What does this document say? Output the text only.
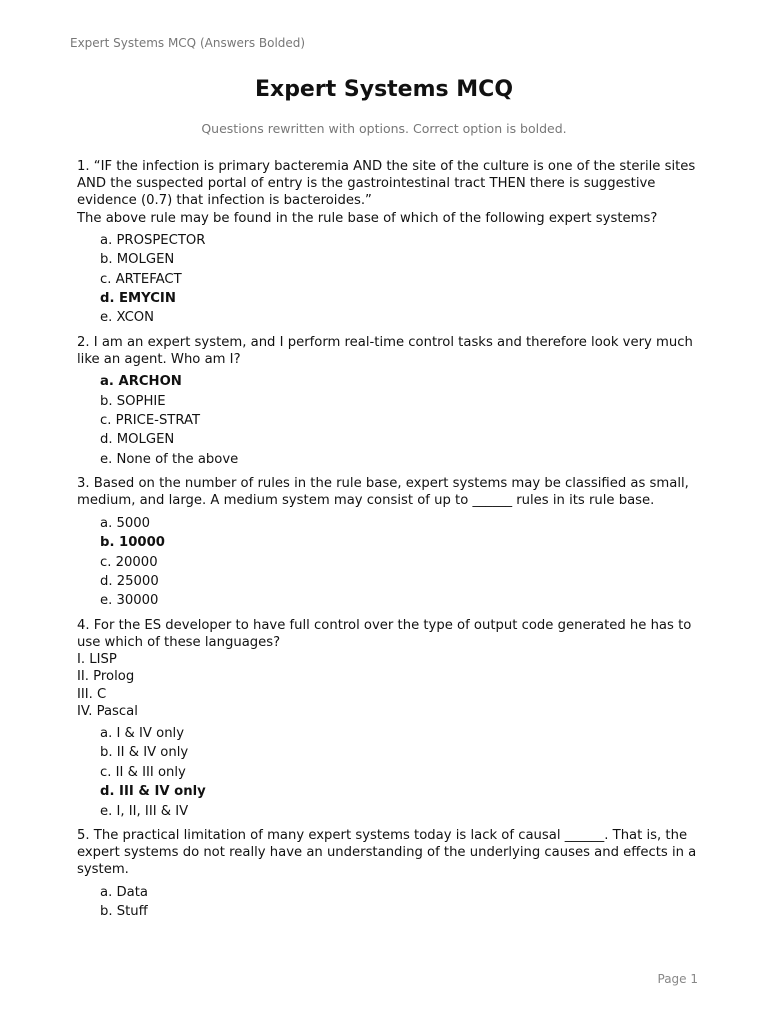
Expert Systems MCQ (Answers Bolded)
Expert Systems MCQ
Questions rewritten with options. Correct option is bolded.
1. “IF the infection is primary bacteremia AND the site of the culture is one of the sterile sites AND the suspected portal of entry is the gastrointestinal tract THEN there is suggestive evidence (0.7) that infection is bacteroides.”
The above rule may be found in the rule base of which of the following expert systems?
a. PROSPECTOR
b. MOLGEN
c. ARTEFACT
d. EMYCIN
e. XCON
2. I am an expert system, and I perform real-time control tasks and therefore look very much like an agent. Who am I?
a. ARCHON
b. SOPHIE
c. PRICE-STRAT
d. MOLGEN
e. None of the above
3. Based on the number of rules in the rule base, expert systems may be classified as small, medium, and large. A medium system may consist of up to ______ rules in its rule base.
a. 5000
b. 10000
c. 20000
d. 25000
e. 30000
4. For the ES developer to have full control over the type of output code generated he has to use which of these languages?
I. LISP
II. Prolog
III. C
IV. Pascal
a. I & IV only
b. II & IV only
c. II & III only
d. III & IV only
e. I, II, III & IV
5. The practical limitation of many expert systems today is lack of causal ______. That is, the expert systems do not really have an understanding of the underlying causes and effects in a system.
a. Data
b. Stuff
Page 1
